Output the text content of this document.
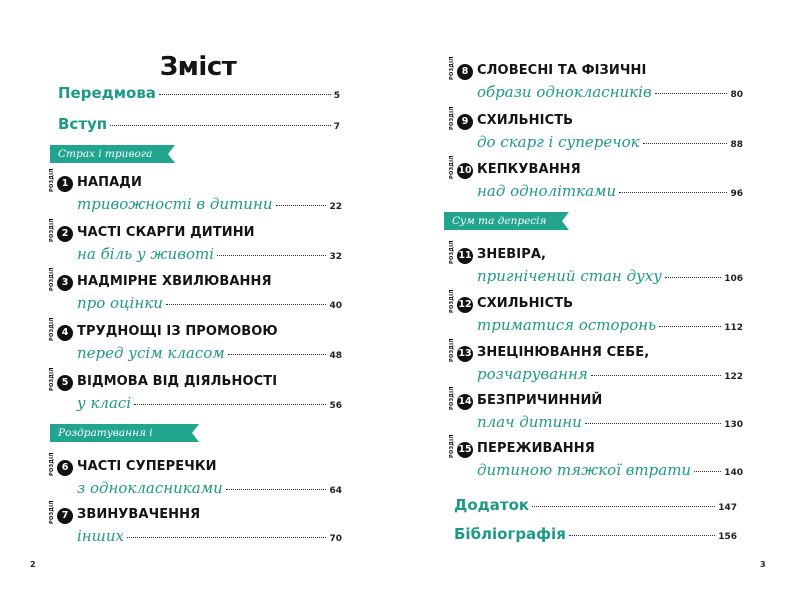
Зміст
Передмова	5
Вступ	7
Страх і тривога
РОЗДІЛ 1 НАПАДИ
тривожності в дитини	22
РОЗДІЛ 2 ЧАСТІ СКАРГИ ДИТИНИ
на біль у животі	32
РОЗДІЛ 3 НАДМІРНЕ ХВИЛЮВАННЯ
про оцінки	40
РОЗДІЛ 4 ТРУДНОЩІ ІЗ ПРОМОВОЮ
перед усім класом	48
РОЗДІЛ 5 ВІДМОВА ВІД ДІЯЛЬНОСТІ
у класі	56
Роздратування і злість
РОЗДІЛ 6 ЧАСТІ СУПЕРЕЧКИ
з однокласниками	64
РОЗДІЛ 7 ЗВИНУВАЧЕННЯ
інших	70
2
РОЗДІЛ 8 СЛОВЕСНІ ТА ФІЗИЧНІ
образи однокласників	80
РОЗДІЛ 9 СХИЛЬНІСТЬ
до скарг і суперечок	88
РОЗДІЛ 10 КЕПКУВАННЯ
над однолітками	96
Сум та депресія
РОЗДІЛ 11 ЗНЕВІРА,
пригнічений стан духу	106
РОЗДІЛ 12 СХИЛЬНІСТЬ
триматися осторонь	112
РОЗДІЛ 13 ЗНЕЦІНЮВАННЯ СЕБЕ,
розчарування	122
РОЗДІЛ 14 БЕЗПРИЧИННИЙ
плач дитини	130
РОЗДІЛ 15 ПЕРЕЖИВАННЯ
дитиною тяжкої втрати	140
Додаток	147
Бібліографія	156
3
